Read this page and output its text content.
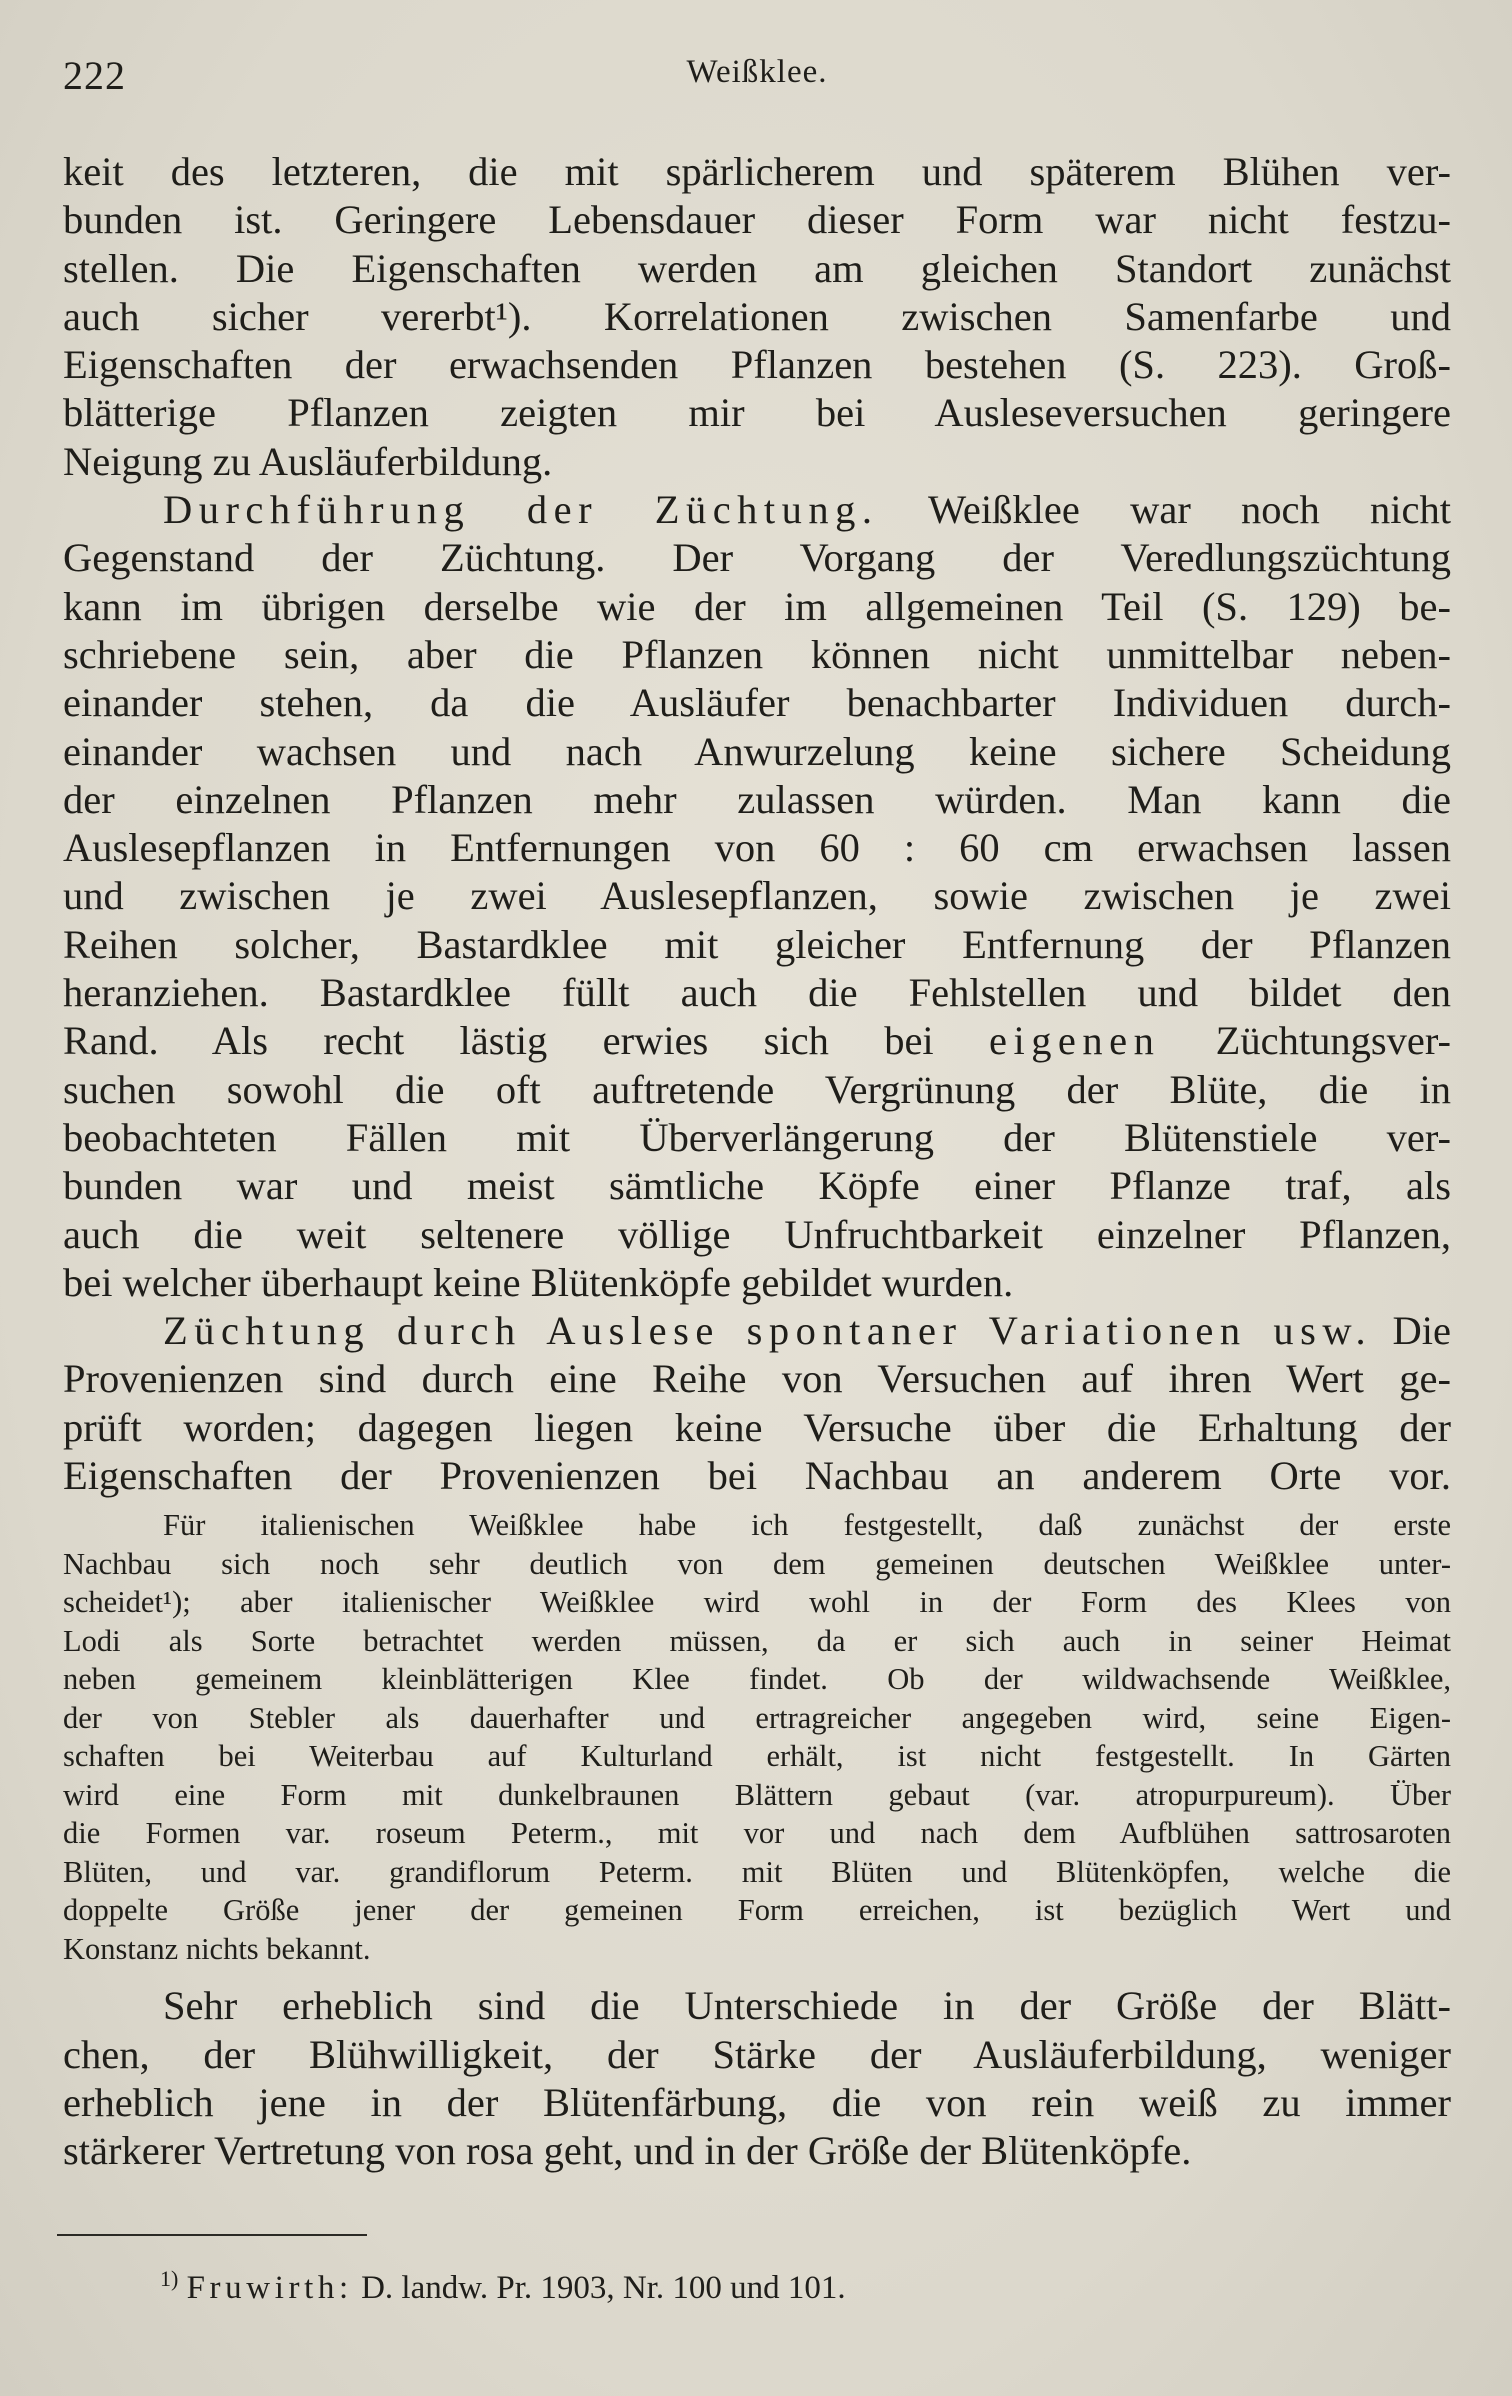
222	Weißklee.
keit des letzteren, die mit spärlicherem und späterem Blühen ver-
bunden ist. Geringere Lebensdauer dieser Form war nicht festzu-
stellen. Die Eigenschaften werden am gleichen Standort zunächst
auch sicher vererbt¹). Korrelationen zwischen Samenfarbe und
Eigenschaften der erwachsenden Pflanzen bestehen (S. 223). Groß-
blätterige Pflanzen zeigten mir bei Ausleseversuchen geringere
Neigung zu Ausläuferbildung.
Durchführung der Züchtung. Weißklee war noch nicht
Gegenstand der Züchtung. Der Vorgang der Veredlungszüchtung
kann im übrigen derselbe wie der im allgemeinen Teil (S. 129) be-
schriebene sein, aber die Pflanzen können nicht unmittelbar neben-
einander stehen, da die Ausläufer benachbarter Individuen durch-
einander wachsen und nach Anwurzelung keine sichere Scheidung
der einzelnen Pflanzen mehr zulassen würden. Man kann die
Auslesepflanzen in Entfernungen von 60 : 60 cm erwachsen lassen
und zwischen je zwei Auslesepflanzen, sowie zwischen je zwei
Reihen solcher, Bastardklee mit gleicher Entfernung der Pflanzen
heranziehen. Bastardklee füllt auch die Fehlstellen und bildet den
Rand. Als recht lästig erwies sich bei eigenen Züchtungsver-
suchen sowohl die oft auftretende Vergrünung der Blüte, die in
beobachteten Fällen mit Überverlängerung der Blütenstiele ver-
bunden war und meist sämtliche Köpfe einer Pflanze traf, als
auch die weit seltenere völlige Unfruchtbarkeit einzelner Pflanzen,
bei welcher überhaupt keine Blütenköpfe gebildet wurden.
Züchtung durch Auslese spontaner Variationen usw. Die
Provenienzen sind durch eine Reihe von Versuchen auf ihren Wert ge-
prüft worden; dagegen liegen keine Versuche über die Erhaltung der
Eigenschaften der Provenienzen bei Nachbau an anderem Orte vor.
Für italienischen Weißklee habe ich festgestellt, daß zunächst der erste
Nachbau sich noch sehr deutlich von dem gemeinen deutschen Weißklee unter-
scheidet¹); aber italienischer Weißklee wird wohl in der Form des Klees von
Lodi als Sorte betrachtet werden müssen, da er sich auch in seiner Heimat
neben gemeinem kleinblätterigen Klee findet. Ob der wildwachsende Weißklee,
der von Stebler als dauerhafter und ertragreicher angegeben wird, seine Eigen-
schaften bei Weiterbau auf Kulturland erhält, ist nicht festgestellt. In Gärten
wird eine Form mit dunkelbraunen Blättern gebaut (var. atropurpureum). Über
die Formen var. roseum Peterm., mit vor und nach dem Aufblühen sattrosaroten
Blüten, und var. grandiflorum Peterm. mit Blüten und Blütenköpfen, welche die
doppelte Größe jener der gemeinen Form erreichen, ist bezüglich Wert und
Konstanz nichts bekannt.
Sehr erheblich sind die Unterschiede in der Größe der Blätt-
chen, der Blühwilligkeit, der Stärke der Ausläuferbildung, weniger
erheblich jene in der Blütenfärbung, die von rein weiß zu immer
stärkerer Vertretung von rosa geht, und in der Größe der Blütenköpfe.
$^{1)}$ Fruwirth: D. landw. Pr. 1903, Nr. 100 und 101.
